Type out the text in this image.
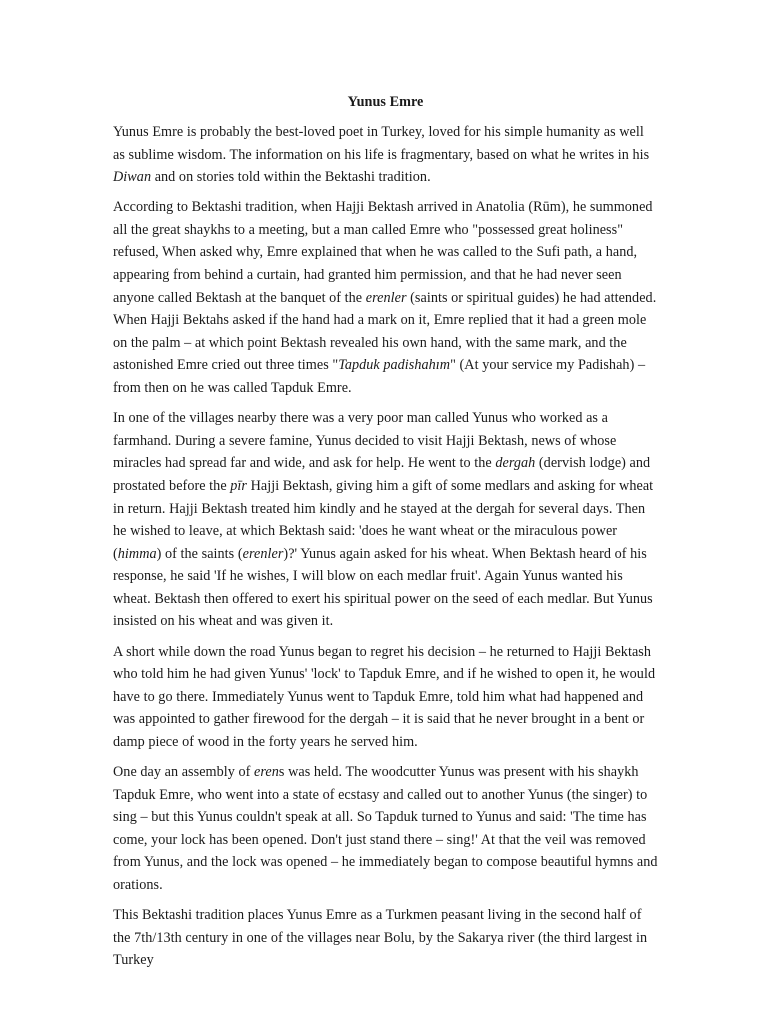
Yunus Emre

Yunus Emre is probably the best-loved poet in Turkey, loved for his simple humanity as well as sublime wisdom. The information on his life is fragmentary, based on what he writes in his Diwan and on stories told within the Bektashi tradition.

According to Bektashi tradition, when Hajji Bektash arrived in Anatolia (Rūm), he summoned all the great shaykhs to a meeting, but a man called Emre who "possessed great holiness" refused, When asked why, Emre explained that when he was called to the Sufi path, a hand, appearing from behind a curtain, had granted him permission, and that he had never seen anyone called Bektash at the banquet of the erenler (saints or spiritual guides) he had attended. When Hajji Bektahs asked if the hand had a mark on it, Emre replied that it had a green mole on the palm – at which point Bektash revealed his own hand, with the same mark, and the astonished Emre cried out three times "Tapduk padishahım" (At your service my Padishah) – from then on he was called Tapduk Emre.

In one of the villages nearby there was a very poor man called Yunus who worked as a farmhand. During a severe famine, Yunus decided to visit Hajji Bektash, news of whose miracles had spread far and wide, and ask for help. He went to the dergah (dervish lodge) and prostated before the pīr Hajji Bektash, giving him a gift of some medlars and asking for wheat in return. Hajji Bektash treated him kindly and he stayed at the dergah for several days. Then he wished to leave, at which Bektash said: 'does he want wheat or the miraculous power (himma) of the saints (erenler)?' Yunus again asked for his wheat. When Bektash heard of his response, he said 'If he wishes, I will blow on each medlar fruit'. Again Yunus wanted his wheat. Bektash then offered to exert his spiritual power on the seed of each medlar. But Yunus insisted on his wheat and was given it.

A short while down the road Yunus began to regret his decision – he returned to Hajji Bektash who told him he had given Yunus' 'lock' to Tapduk Emre, and if he wished to open it, he would have to go there. Immediately Yunus went to Tapduk Emre, told him what had happened and was appointed to gather firewood for the dergah – it is said that he never brought in a bent or damp piece of wood in the forty years he served him.

One day an assembly of erens was held. The woodcutter Yunus was present with his shaykh Tapduk Emre, who went into a state of ecstasy and called out to another Yunus (the singer) to sing – but this Yunus couldn't speak at all. So Tapduk turned to Yunus and said: 'The time has come, your lock has been opened. Don't just stand there – sing!' At that the veil was removed from Yunus, and the lock was opened – he immediately began to compose beautiful hymns and orations.

This Bektashi tradition places Yunus Emre as a Turkmen peasant living in the second half of the 7th/13th century in one of the villages near Bolu, by the Sakarya river (the third largest in Turkey
